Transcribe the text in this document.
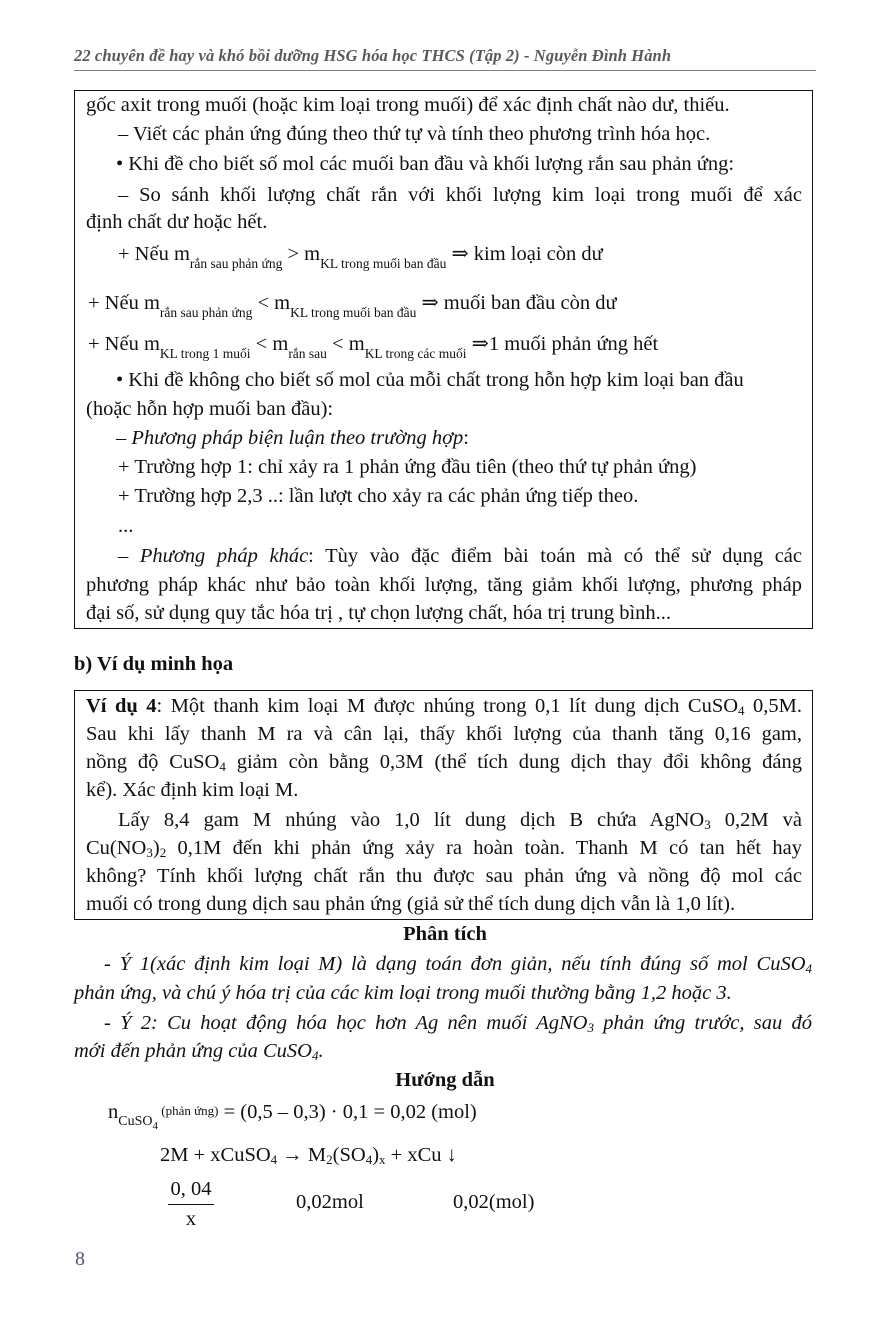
22 chuyên đề hay và khó bồi dưỡng HSG hóa học THCS (Tập 2) - Nguyễn Đình Hành
gốc axit trong muối (hoặc kim loại trong muối) để xác định chất nào dư, thiếu.
– Viết các phản ứng đúng theo thứ tự và tính theo phương trình hóa học.
• Khi đề cho biết số mol các muối ban đầu và khối lượng rắn sau phản ứng:
– So sánh khối lượng chất rắn với khối lượng kim loại trong muối để xác
định chất dư hoặc hết.
+ Nếu $m_{rắn sau phản ứng} > m_{KL trong muối ban đầu}$ ⇒ kim loại còn dư
+ Nếu $m_{rắn sau phản ứng} < m_{KL trong muối ban đầu}$ ⇒ muối ban đầu còn dư
+ Nếu $m_{KL trong 1 muối} < m_{rắn sau} < m_{KL trong các muối}$ ⇒1 muối phản ứng hết
• Khi đề không cho biết số mol của mỗi chất trong hỗn hợp kim loại ban đầu
(hoặc hỗn hợp muối ban đầu):
– Phương pháp biện luận theo trường hợp:
+ Trường hợp 1: chỉ xảy ra 1 phản ứng đầu tiên (theo thứ tự phản ứng)
+ Trường hợp 2,3 ..: lần lượt cho xảy ra các phản ứng tiếp theo.
...
– Phương pháp khác: Tùy vào đặc điểm bài toán mà có thể sử dụng các
phương pháp khác như bảo toàn khối lượng, tăng giảm khối lượng, phương pháp
đại số, sử dụng quy tắc hóa trị , tự chọn lượng chất, hóa trị trung bình...
b) Ví dụ minh họa
Ví dụ 4: Một thanh kim loại M được nhúng trong 0,1 lít dung dịch CuSO$_4$ 0,5M.
Sau khi lấy thanh M ra và cân lại, thấy khối lượng của thanh tăng 0,16 gam,
nồng độ CuSO$_4$ giảm còn bằng 0,3M (thể tích dung dịch thay đổi không đáng
kể). Xác định kim loại M.
Lấy 8,4 gam M nhúng vào 1,0 lít dung dịch B chứa AgNO$_3$ 0,2M và
$Cu(NO_3)_2$ 0,1M đến khi phản ứng xảy ra hoàn toàn. Thanh M có tan hết hay
không? Tính khối lượng chất rắn thu được sau phản ứng và nồng độ mol các
muối có trong dung dịch sau phản ứng (giả sử thể tích dung dịch vẫn là 1,0 lít).
Phân tích
- Ý 1(xác định kim loại M) là dạng toán đơn giản, nếu tính đúng số mol CuSO$_4$
phản ứng, và chú ý hóa trị của các kim loại trong muối thường bằng 1,2 hoặc 3.
- Ý 2: Cu hoạt động hóa học hơn Ag nên muối AgNO$_3$ phản ứng trước, sau đó
mới đến phản ứng của CuSO$_4$.
Hướng dẫn
$n_{CuSO_4}$ (phản ứng) = (0,5 – 0,3) · 0,1 = 0,02 (mol)
2M + xCuSO$_4$ → $M_2(SO_4)_x$ + xCu ↓
0, 04
x
0,02mol	0,02(mol)
8
